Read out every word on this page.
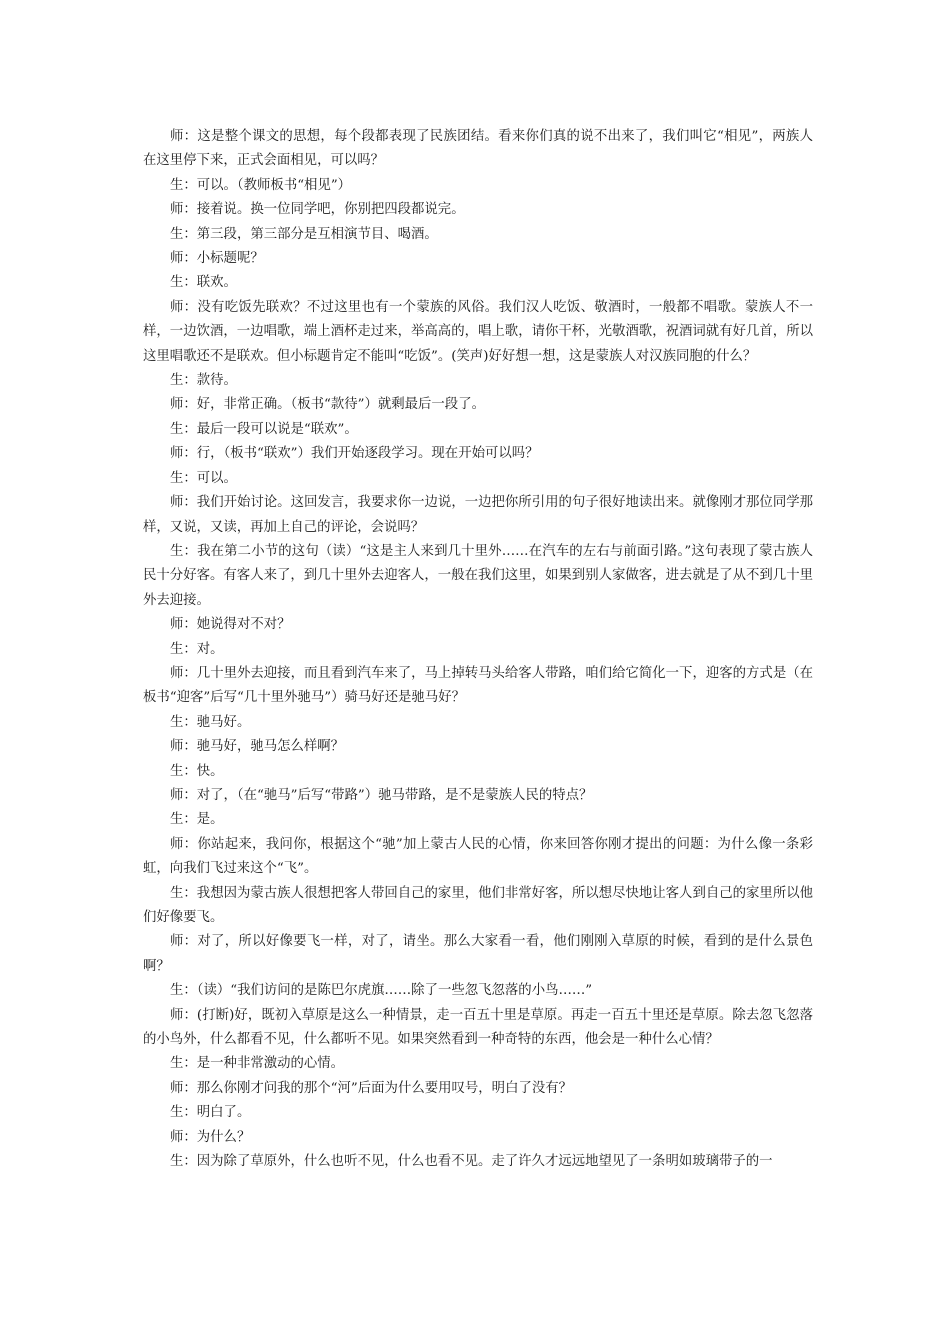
师：这是整个课文的思想，每个段都表现了民族团结。看来你们真的说不出来了，我们叫它“相见”，两族人在这里停下来，正式会面相见，可以吗？

生：可以。（教师板书“相见”）

师：接着说。换一位同学吧，你别把四段都说完。

生：第三段，第三部分是互相演节目、喝酒。

师：小标题呢？

生：联欢。

师：没有吃饭先联欢？不过这里也有一个蒙族的风俗。我们汉人吃饭、敬酒时，一般都不唱歌。蒙族人不一样，一边饮酒，一边唱歌，端上酒杯走过来，举高高的，唱上歌，请你干杯，光敬酒歌，祝酒词就有好几首，所以这里唱歌还不是联欢。但小标题肯定不能叫“吃饭”。(笑声)好好想一想，这是蒙族人对汉族同胞的什么？

生：款待。

师：好，非常正确。（板书“款待”）就剩最后一段了。

生：最后一段可以说是“联欢”。

师：行，（板书“联欢”）我们开始逐段学习。现在开始可以吗？

生：可以。

师：我们开始讨论。这回发言，我要求你一边说，一边把你所引用的句子很好地读出来。就像刚才那位同学那样，又说，又读，再加上自己的评论，会说吗？

生：我在第二小节的这句（读）“这是主人来到几十里外……在汽车的左右与前面引路。”这句表现了蒙古族人民十分好客。有客人来了，到几十里外去迎客人，一般在我们这里，如果到别人家做客，进去就是了从不到几十里外去迎接。

师：她说得对不对？

生：对。

师：几十里外去迎接，而且看到汽车来了，马上掉转马头给客人带路，咱们给它简化一下，迎客的方式是（在板书“迎客”后写“几十里外驰马”）骑马好还是驰马好？

生：驰马好。

师：驰马好，驰马怎么样啊？

生：快。

师：对了，（在“驰马”后写“带路”）驰马带路，是不是蒙族人民的特点？

生：是。

师：你站起来，我问你，根据这个“驰”加上蒙古人民的心情，你来回答你刚才提出的问题：为什么像一条彩虹，向我们飞过来这个“飞”。

生：我想因为蒙古族人很想把客人带回自己的家里，他们非常好客，所以想尽快地让客人到自己的家里所以他们好像要飞。

师：对了，所以好像要飞一样，对了，请坐。那么大家看一看，他们刚刚入草原的时候，看到的是什么景色啊？

生：（读）“我们访问的是陈巴尔虎旗……除了一些忽飞忽落的小鸟……”

师：(打断)好，既初入草原是这么一种情景，走一百五十里是草原。再走一百五十里还是草原。除去忽飞忽落的小鸟外，什么都看不见，什么都听不见。如果突然看到一种奇特的东西，他会是一种什么心情？

生：是一种非常激动的心情。

师：那么你刚才问我的那个“河”后面为什么要用叹号，明白了没有？

生：明白了。

师：为什么？

生：因为除了草原外，什么也听不见，什么也看不见。走了许久才远远地望见了一条明如玻璃带子的一
